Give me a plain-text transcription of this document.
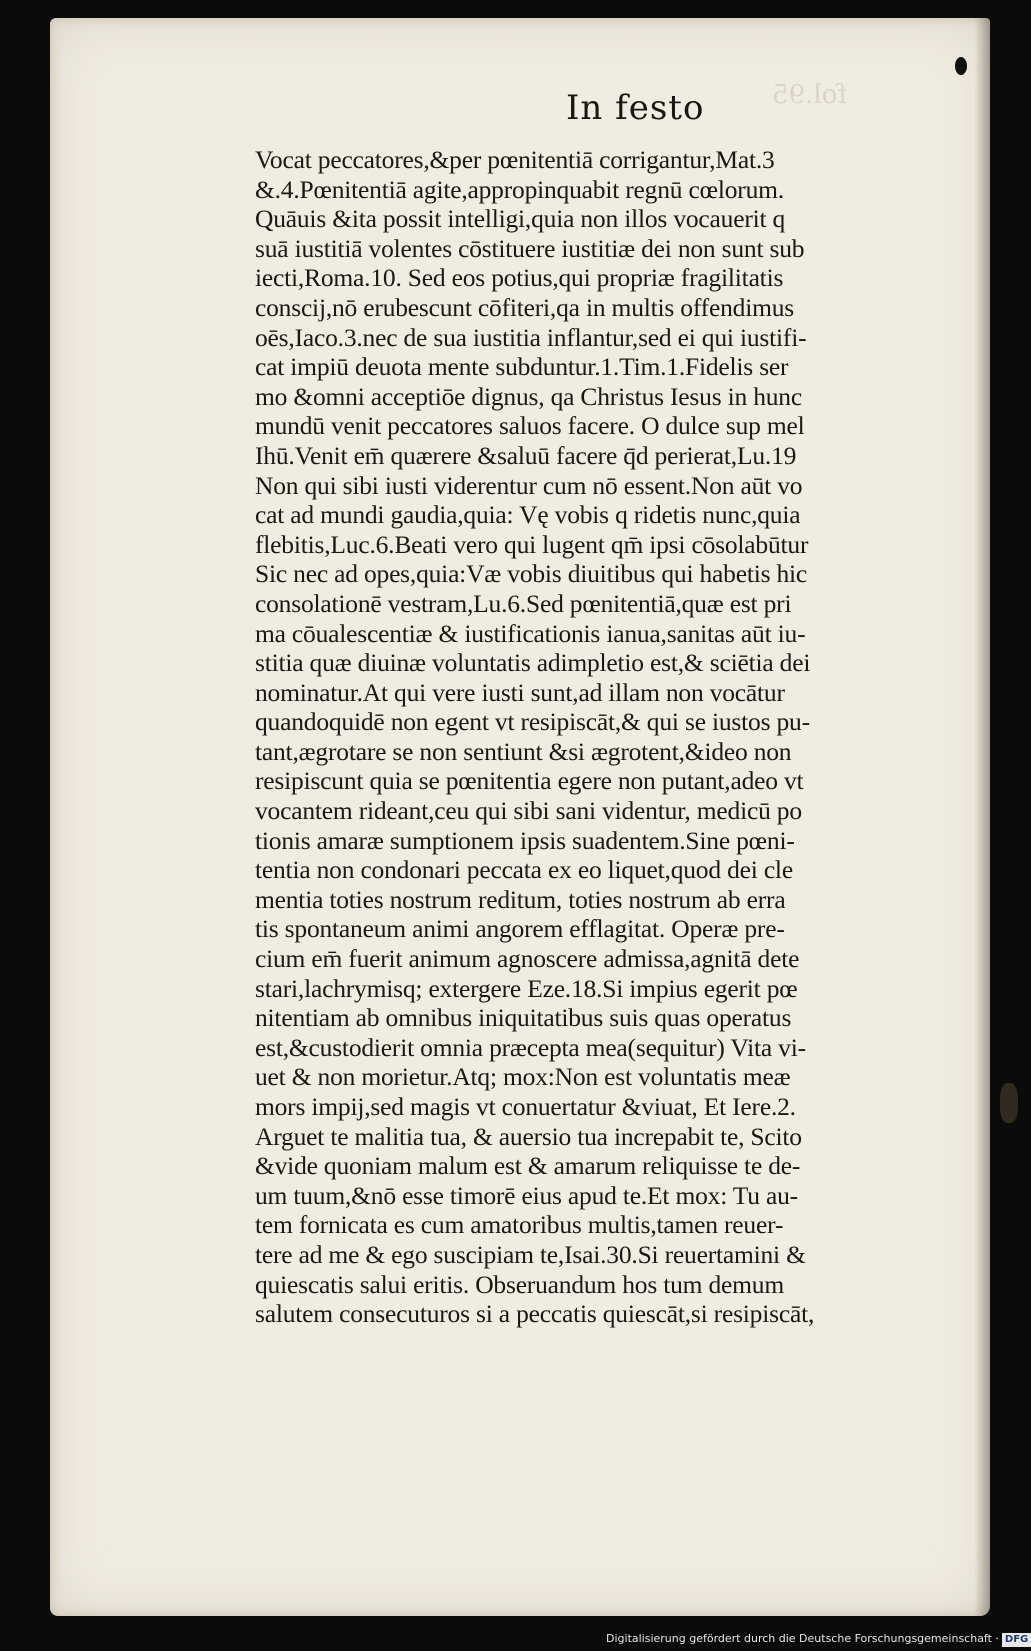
fol.95
In festo
Vocat peccatores,&per pœnitentiā corrigantur,Mat.3
&.4.Pœnitentiā agite,appropinquabit regnū cœlorum.
Quāuis &ita possit intelligi,quia non illos vocauerit q
suā iustitiā volentes cōstituere iustitiæ dei non sunt sub
iecti,Roma.10. Sed eos potius,qui propriæ fragilitatis
conscij,nō erubescunt cōfiteri,qa in multis offendimus
oēs,Iaco.3.nec de sua iustitia inflantur,sed ei qui iustifi-
cat impiū deuota mente subduntur.1.Tim.1.Fidelis ser
mo &omni acceptiōe dignus, qa Christus Iesus in hunc
mundū venit peccatores saluos facere. O dulce sup mel
Ihū.Venit em̄ quærere &saluū facere q̄d perierat,Lu.19
Non qui sibi iusti viderentur cum nō essent.Non aūt vo
cat ad mundi gaudia,quia: Vę vobis q ridetis nunc,quia
flebitis,Luc.6.Beati vero qui lugent qm̄ ipsi cōsolabūtur
Sic nec ad opes,quia:Væ vobis diuitibus qui habetis hic
consolationē vestram,Lu.6.Sed pœnitentiā,quæ est pri
ma cōualescentiæ & iustificationis ianua,sanitas aūt iu-
stitia quæ diuinæ voluntatis adimpletio est,& sciētia dei
nominatur.At qui vere iusti sunt,ad illam non vocātur
quandoquidē non egent vt resipiscāt,& qui se iustos pu-
tant,ægrotare se non sentiunt &si ægrotent,&ideo non
resipiscunt quia se pœnitentia egere non putant,adeo vt
vocantem rideant,ceu qui sibi sani videntur, medicū po
tionis amaræ sumptionem ipsis suadentem.Sine pœni-
tentia non condonari peccata ex eo liquet,quod dei cle
mentia toties nostrum reditum, toties nostrum ab erra
tis spontaneum animi angorem efflagitat. Operæ pre-
cium em̄ fuerit animum agnoscere admissa,agnitā dete
stari,lachrymisq; extergere Eze.18.Si impius egerit pœ
nitentiam ab omnibus iniquitatibus suis quas operatus
est,&custodierit omnia præcepta mea(sequitur) Vita vi-
uet & non morietur.Atq; mox:Non est voluntatis meæ
mors impij,sed magis vt conuertatur &viuat, Et Iere.2.
Arguet te malitia tua, & auersio tua increpabit te, Scito
&vide quoniam malum est & amarum reliquisse te de-
um tuum,&nō esse timorē eius apud te.Et mox: Tu au-
tem fornicata es cum amatoribus multis,tamen reuer-
tere ad me & ego suscipiam te,Isai.30.Si reuertamini &
quiescatis salui eritis. Obseruandum hos tum demum
salutem consecuturos si a peccatis quiescāt,si resipiscāt,
Digitalisierung gefördert durch die Deutsche Forschungsgemeinschaft · DFG
